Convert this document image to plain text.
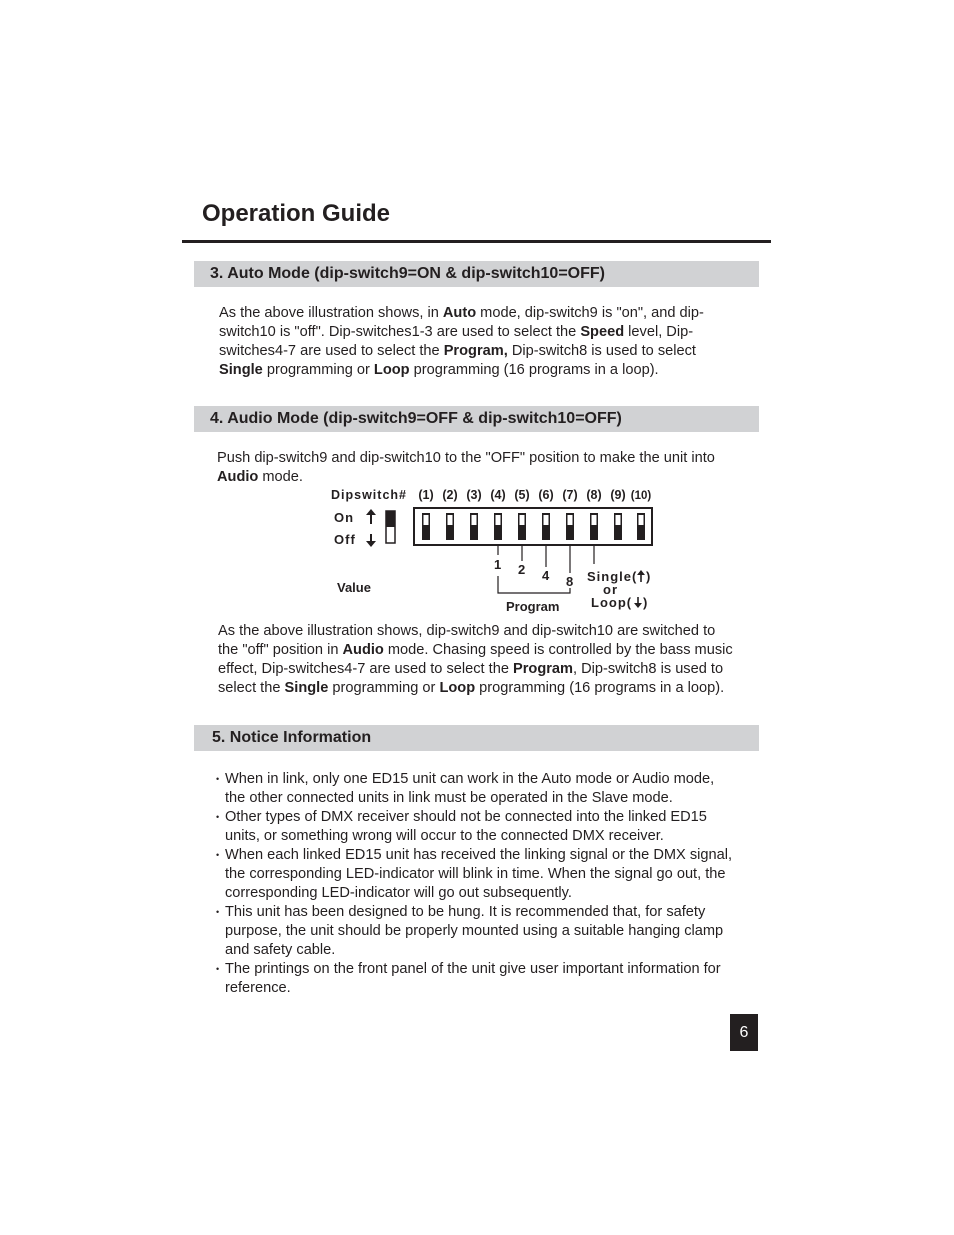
Operation Guide
3. Auto Mode (dip-switch9=ON & dip-switch10=OFF)

As the above illustration shows, in Auto mode, dip-switch9 is "on", and dip-
switch10 is "off". Dip-switches1-3 are used to select the Speed level, Dip-
switches4-7 are used to select the Program, Dip-switch8 is used to select
Single programming or Loop programming (16 programs in a loop).

4. Audio Mode (dip-switch9=OFF & dip-switch10=OFF)

Push dip-switch9 and dip-switch10 to the "OFF" position to make the unit into
Audio mode.

Dipswitch# (1) (2) (3) (4) (5) (6) (7) (8) (9) (10)
On
Off
1 2 4 8
Program
Value
Single( )
or
Loop( )

As the above illustration shows, dip-switch9 and dip-switch10 are switched to
the "off" position in Audio mode. Chasing speed is controlled by the bass music
effect, Dip-switches4-7 are used to select the Program, Dip-switch8 is used to
select the Single programming or Loop programming (16 programs in a loop).

5. Notice Information
• When in link, only one ED15 unit can work in the Auto mode or Audio mode,
the other connected units in link must be operated in the Slave mode.
• Other types of DMX receiver should not be connected into the linked ED15
units, or something wrong will occur to the connected DMX receiver.
• When each linked ED15 unit has received the linking signal or the DMX signal,
the corresponding LED-indicator will blink in time. When the signal go out, the
corresponding LED-indicator will go out subsequently.
• This unit has been designed to be hung. It is recommended that, for safety
purpose, the unit should be properly mounted using a suitable hanging clamp
and safety cable.
• The printings on the front panel of the unit give user important information for
reference.
6
